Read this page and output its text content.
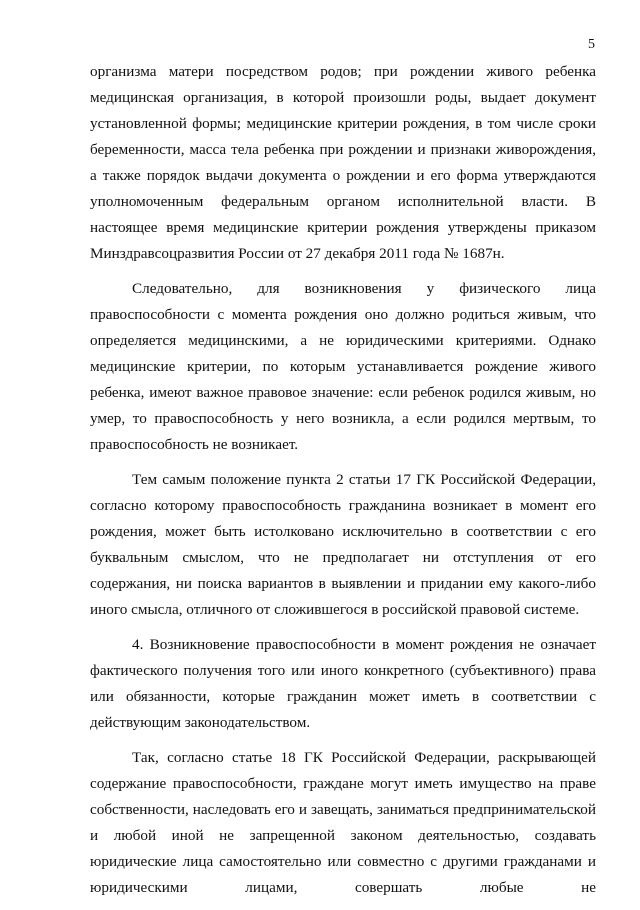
5

организма матери посредством родов; при рождении живого ребенка медицинская организация, в которой произошли роды, выдает документ установленной формы; медицинские критерии рождения, в том числе сроки беременности, масса тела ребенка при рождении и признаки живорождения, а также порядок выдачи документа о рождении и его форма утверждаются уполномоченным федеральным органом исполнительной власти. В настоящее время медицинские критерии рождения утверждены приказом Минздравсоцразвития России от 27 декабря 2011 года № 1687н.

Следовательно, для возникновения у физического лица правоспособности с момента рождения оно должно родиться живым, что определяется медицинскими, а не юридическими критериями. Однако медицинские критерии, по которым устанавливается рождение живого ребенка, имеют важное правовое значение: если ребенок родился живым, но умер, то правоспособность у него возникла, а если родился мертвым, то правоспособность не возникает.

Тем самым положение пункта 2 статьи 17 ГК Российской Федерации, согласно которому правоспособность гражданина возникает в момент его рождения, может быть истолковано исключительно в соответствии с его буквальным смыслом, что не предполагает ни отступления от его содержания, ни поиска вариантов в выявлении и придании ему какого-либо иного смысла, отличного от сложившегося в российской правовой системе.

4. Возникновение правоспособности в момент рождения не означает фактического получения того или иного конкретного (субъективного) права или обязанности, которые гражданин может иметь в соответствии с действующим законодательством.

Так, согласно статье 18 ГК Российской Федерации, раскрывающей содержание правоспособности, граждане могут иметь имущество на праве собственности, наследовать его и завещать, заниматься предпринимательской и любой иной не запрещенной законом деятельностью, создавать юридические лица самостоятельно или совместно с другими гражданами и юридическими лицами, совершать любые не
